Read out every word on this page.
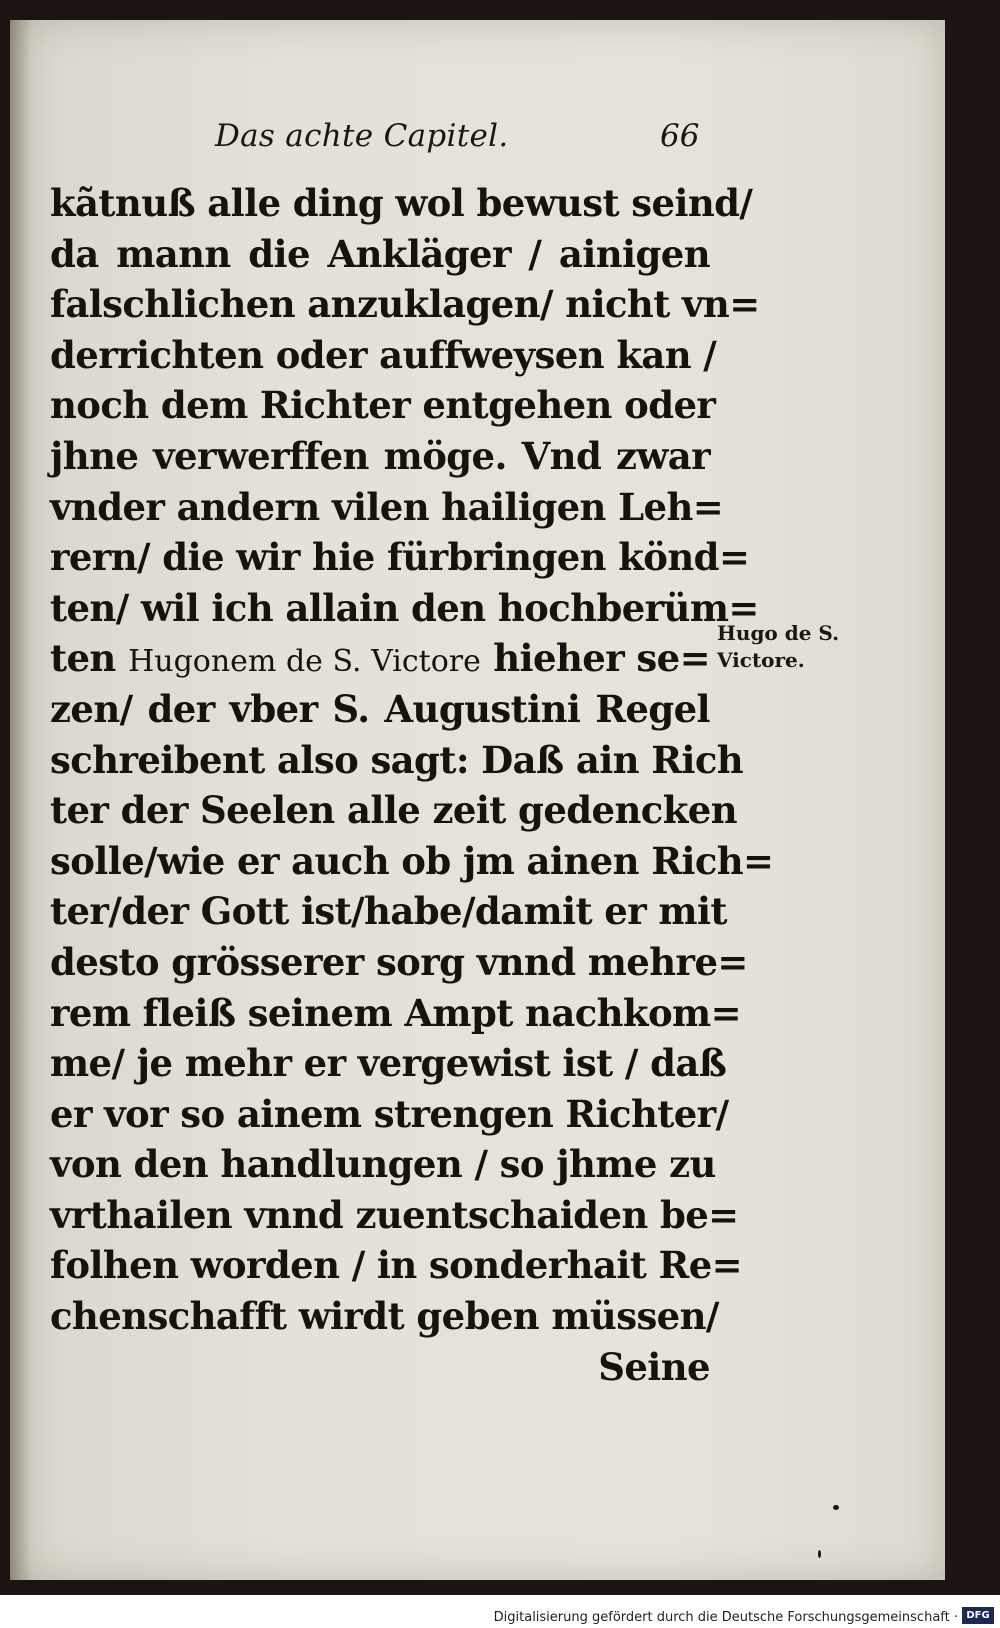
Das achte Capitel.	66
kãtnuß alle ding wol bewust seind/
da mann die Ankläger / ainigen
falschlichen anzuklagen/ nicht vn=
derrichten oder auffweysen kan /
noch dem Richter entgehen oder
jhne verwerffen möge. Vnd zwar
vnder andern vilen hailigen Leh=
rern/ die wir hie fürbringen könd=
ten/ wil ich allain den hochberüm=
ten Hugonem de S. Victore hieher se=
zen/ der vber S. Augustini Regel
schreibent also sagt: Daß ain Rich
ter der Seelen alle zeit gedencken
solle/wie er auch ob jm ainen Rich=
ter/der Gott ist/habe/damit er mit
desto grösserer sorg vnnd mehre=
rem fleiß seinem Ampt nachkom=
me/ je mehr er vergewist ist / daß
er vor so ainem strengen Richter/
von den handlungen / so jhme zu
vrthailen vnnd zuentschaiden be=
folhen worden / in sonderhait Re=
chenschafft wirdt geben müssen/
Seine
Hugo de S.
Victore.
Digitalisierung gefördert durch die Deutsche Forschungsgemeinschaft · DFG
